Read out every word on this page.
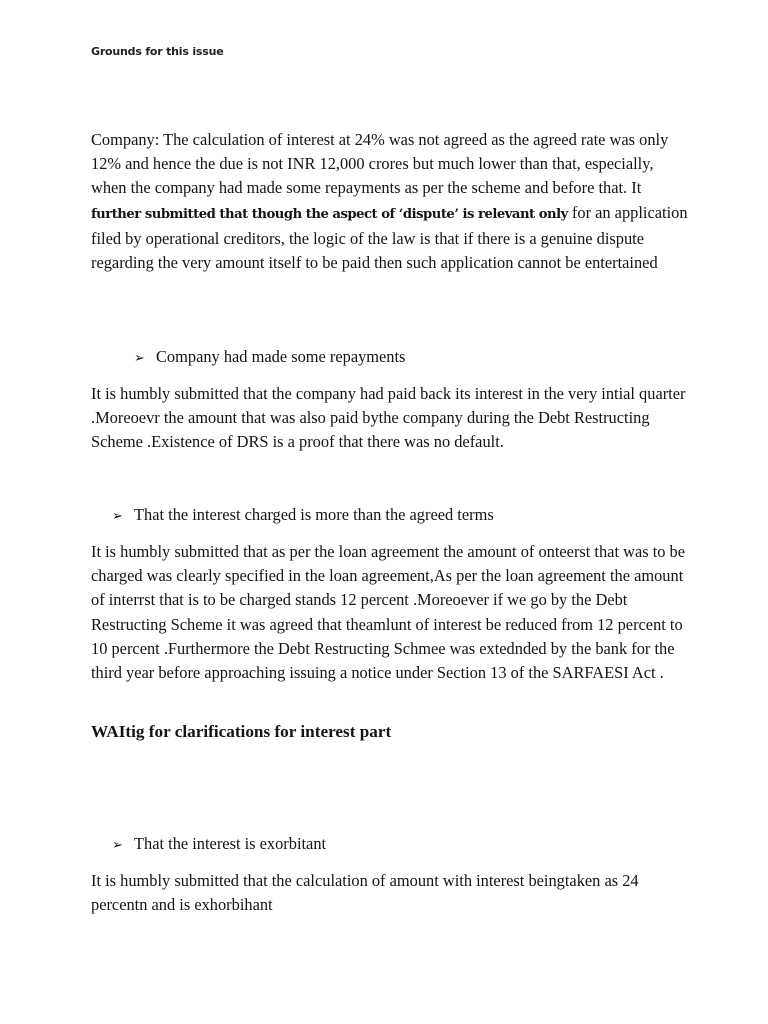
Grounds for this issue
Company: The calculation of interest at 24% was not agreed as the agreed rate was only 12% and hence the due is not INR 12,000 crores but much lower than that, especially, when the company had made some repayments as per the scheme and before that. It further submitted that though the aspect of ‘dispute’ is relevant only for an application filed by operational creditors, the logic of the law is that if there is a genuine dispute regarding the very amount itself to be paid then such application cannot be entertained
➢ Company had made some repayments
It is humbly submitted that the company had paid back its interest in the very intial quarter .Moreoevr the amount that was also paid bythe company during the Debt Restructing Scheme .Existence of DRS is a proof that there was no default.
➢ That the interest charged is more than the agreed terms
It is humbly submitted that as per the loan agreement the amount of onteerst that was to be charged was clearly specified in the loan agreement,As per the loan agreement the amount of interrst that is to be charged stands 12 percent .Moreoever if we go by the Debt Restructing Scheme it was agreed that theamlunt of interest be reduced from 12 percent to 10 percent .Furthermore the Debt Restructing Schmee was extednded by the bank for the third year before approaching issuing a notice under Section 13 of the SARFAESI Act .
WAItig for clarifications for interest part
➢ That the interest is exorbitant
It is humbly submitted that the calculation of amount with interest beingtaken as 24 percentn and is exhorbihant
